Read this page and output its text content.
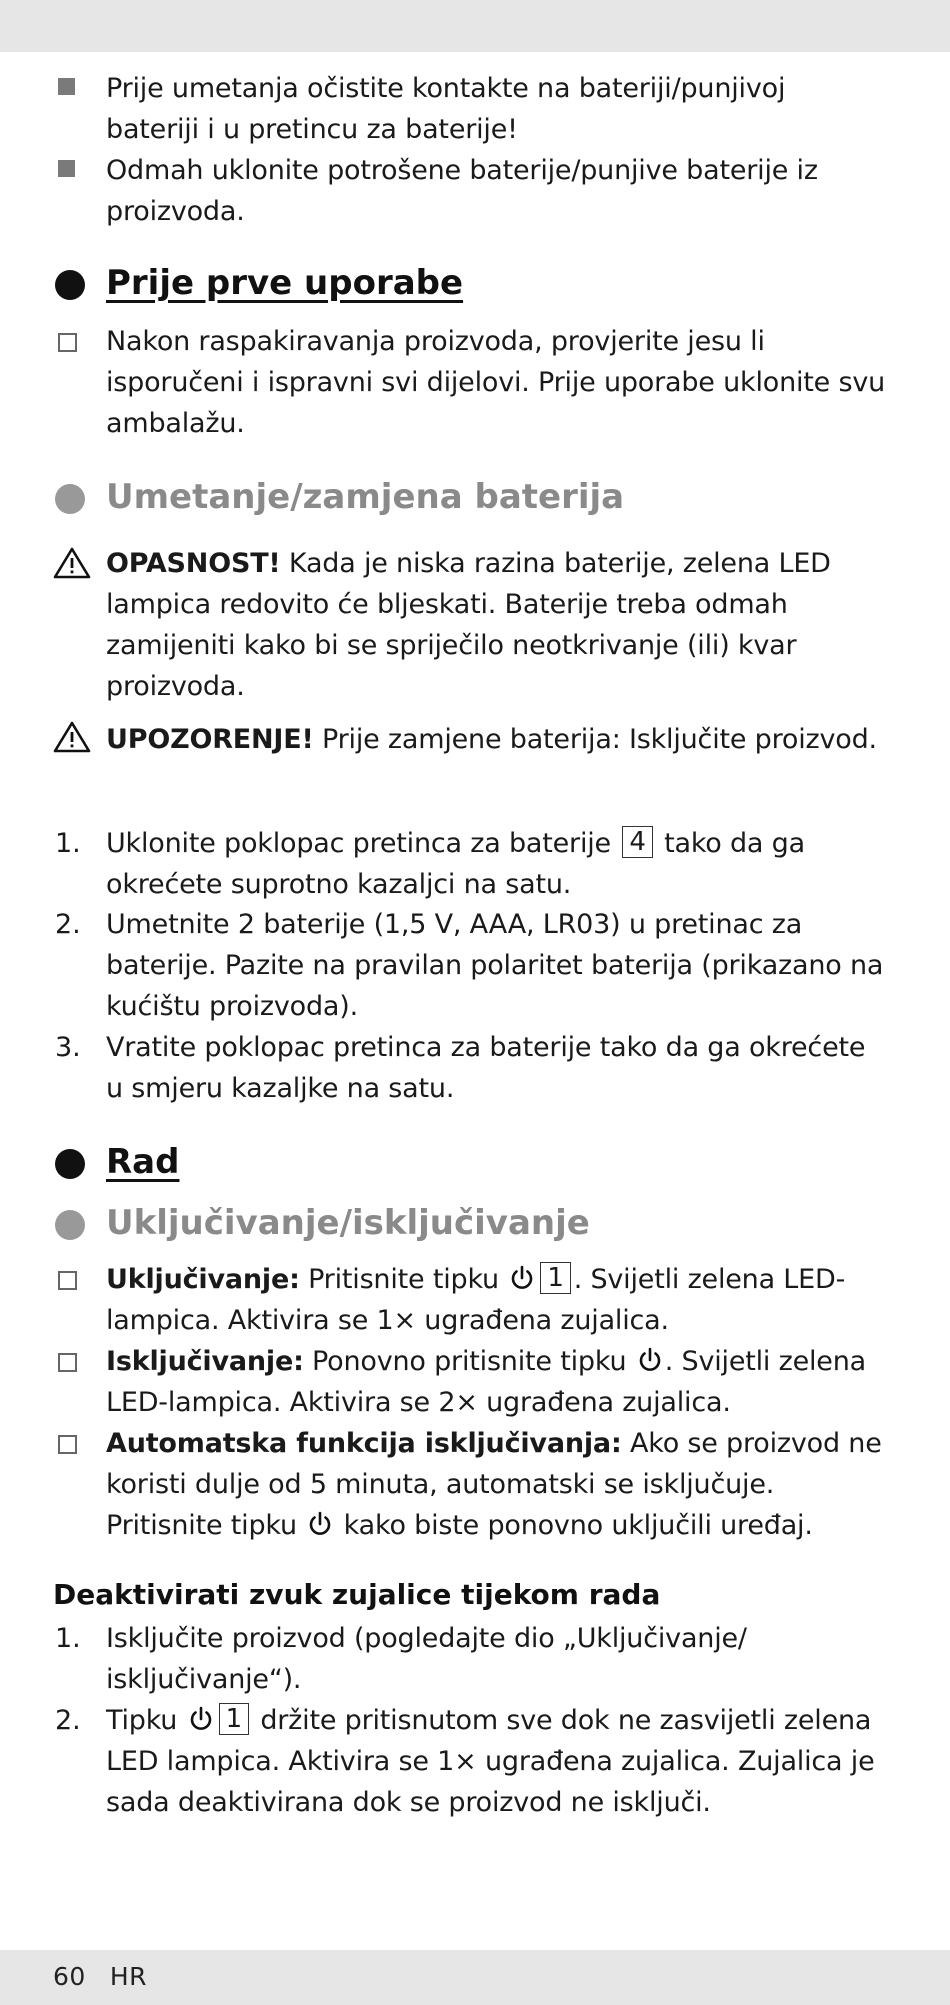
Prije umetanja očistite kontakte na bateriji/punjivoj bateriji i u pretincu za baterije!
Odmah uklonite potrošene baterije/punjive baterije iz proizvoda.
Prije prve uporabe
Nakon raspakiravanja proizvoda, provjerite jesu li isporučeni i ispravni svi dijelovi. Prije uporabe uklonite svu ambalažu.
Umetanje/zamjena baterija
OPASNOST! Kada je niska razina baterije, zelena LED lampica redovito će bljeskati. Baterije treba odmah zamijeniti kako bi se spriječilo neotkrivanje (ili) kvar proizvoda.
UPOZORENJE! Prije zamjene baterija: Isključite proizvod.
1. Uklonite poklopac pretinca za baterije 4 tako da ga okrećete suprotno kazaljci na satu.
2. Umetnite 2 baterije (1,5 V, AAA, LR03) u pretinac za baterije. Pazite na pravilan polaritet baterija (prikazano na kućištu proizvoda).
3. Vratite poklopac pretinca za baterije tako da ga okrećete u smjeru kazaljke na satu.
Rad
Uključivanje/isključivanje
Uključivanje: Pritisnite tipku 1 . Svijetli zelena LED-lampica. Aktivira se 1× ugrađena zujalica.
Isključivanje: Ponovno pritisnite tipku . Svijetli zelena LED-lampica. Aktivira se 2× ugrađena zujalica.
Automatska funkcija isključivanja: Ako se proizvod ne koristi dulje od 5 minuta, automatski se isključuje. Pritisnite tipku  kako biste ponovno uključili uređaj.
Deaktivirati zvuk zujalice tijekom rada
1. Isključite proizvod (pogledajte dio „Uključivanje/ isključivanje“).
2. Tipku 1 držite pritisnutom sve dok ne zasvijetli zelena LED lampica. Aktivira se 1× ugrađena zujalica. Zujalica je sada deaktivirana dok se proizvod ne isključi.
60 HR
